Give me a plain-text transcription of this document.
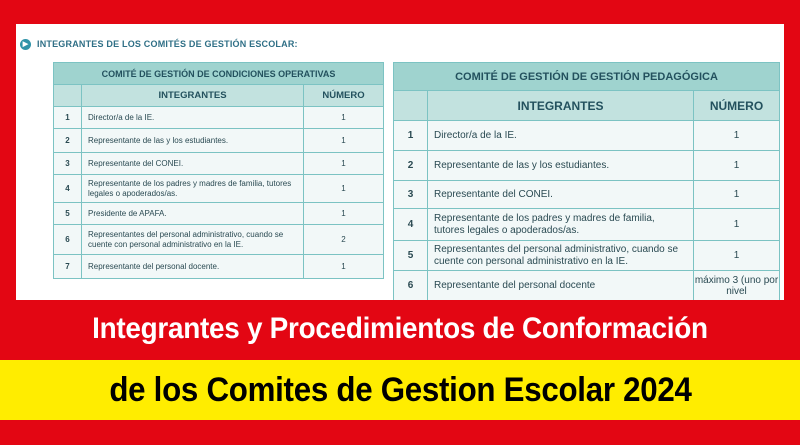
▶ INTEGRANTES DE LOS COMITÉS DE GESTIÓN ESCOLAR:
COMITÉ DE GESTIÓN DE CONDICIONES OPERATIVAS		
	INTEGRANTES	NÚMERO
1	Director/a de la IE.	1
2	Representante de las y los estudiantes.	1
3	Representante del CONEI.	1
4	Representante de los padres y madres de familia, tutores legales o apoderados/as.	1
5	Presidente de APAFA.	1
6	Representantes del personal administrativo, cuando se cuente con personal administrativo en la IE.	2
7	Representante del personal docente.	1
COMITÉ DE GESTIÓN DE GESTIÓN PEDAGÓGICA		
	INTEGRANTES	NÚMERO
1	Director/a de la IE.	1
2	Representante de las y los estudiantes.	1
3	Representante del CONEI.	1
4	Representante de los padres y madres de familia, tutores legales o apoderados/as.	1
5	Representantes del personal administrativo, cuando se cuente con personal administrativo en la IE.	1
6	Representante del personal docente	máximo 3 (uno por nivel
Integrantes y Procedimientos de Conformación
de los Comites de Gestion Escolar 2024
